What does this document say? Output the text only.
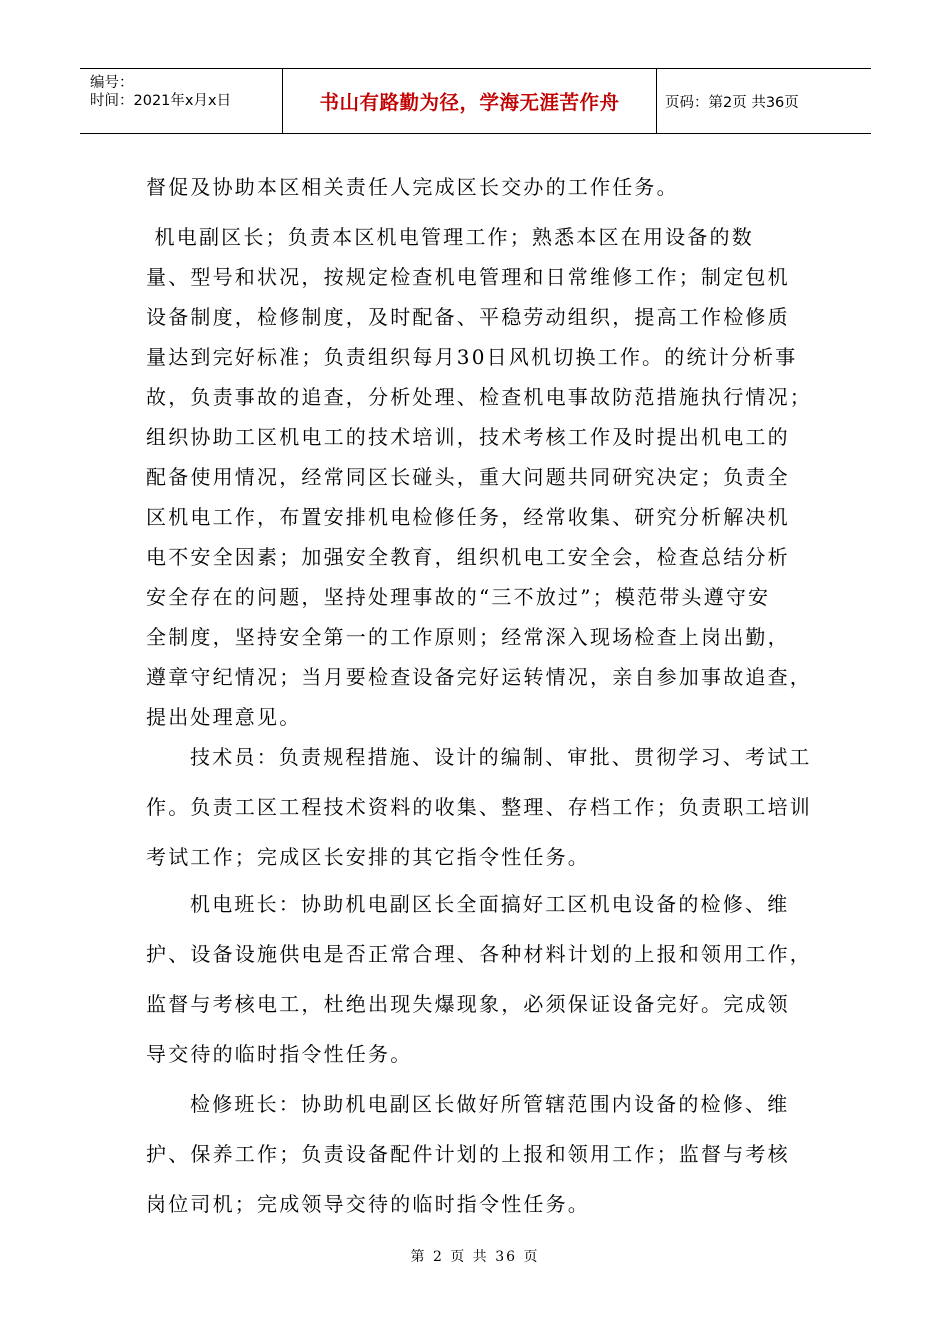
编号：
时间：2021年x月x日	书山有路勤为径，学海无涯苦作舟	页码：第2页 共36页
督促及协助本区相关责任人完成区长交办的工作任务。
机电副区长；负责本区机电管理工作；熟悉本区在用设备的数
量、型号和状况，按规定检查机电管理和日常维修工作；制定包机
设备制度，检修制度，及时配备、平稳劳动组织，提高工作检修质
量达到完好标准；负责组织每月30日风机切换工作。的统计分析事
故，负责事故的追查，分析处理、检查机电事故防范措施执行情况；
组织协助工区机电工的技术培训，技术考核工作及时提出机电工的
配备使用情况，经常同区长碰头，重大问题共同研究决定；负责全
区机电工作，布置安排机电检修任务，经常收集、研究分析解决机
电不安全因素；加强安全教育，组织机电工安全会，检查总结分析
安全存在的问题，坚持处理事故的“三不放过”；模范带头遵守安
全制度，坚持安全第一的工作原则；经常深入现场检查上岗出勤，
遵章守纪情况；当月要检查设备完好运转情况，亲自参加事故追查，
提出处理意见。
技术员：负责规程措施、设计的编制、审批、贯彻学习、考试工
作。负责工区工程技术资料的收集、整理、存档工作；负责职工培训
考试工作；完成区长安排的其它指令性任务。
机电班长：协助机电副区长全面搞好工区机电设备的检修、维
护、设备设施供电是否正常合理、各种材料计划的上报和领用工作，
监督与考核电工，杜绝出现失爆现象，必须保证设备完好。完成领
导交待的临时指令性任务。
检修班长：协助机电副区长做好所管辖范围内设备的检修、维
护、保养工作；负责设备配件计划的上报和领用工作；监督与考核
岗位司机；完成领导交待的临时指令性任务。
第 2 页 共 36 页
